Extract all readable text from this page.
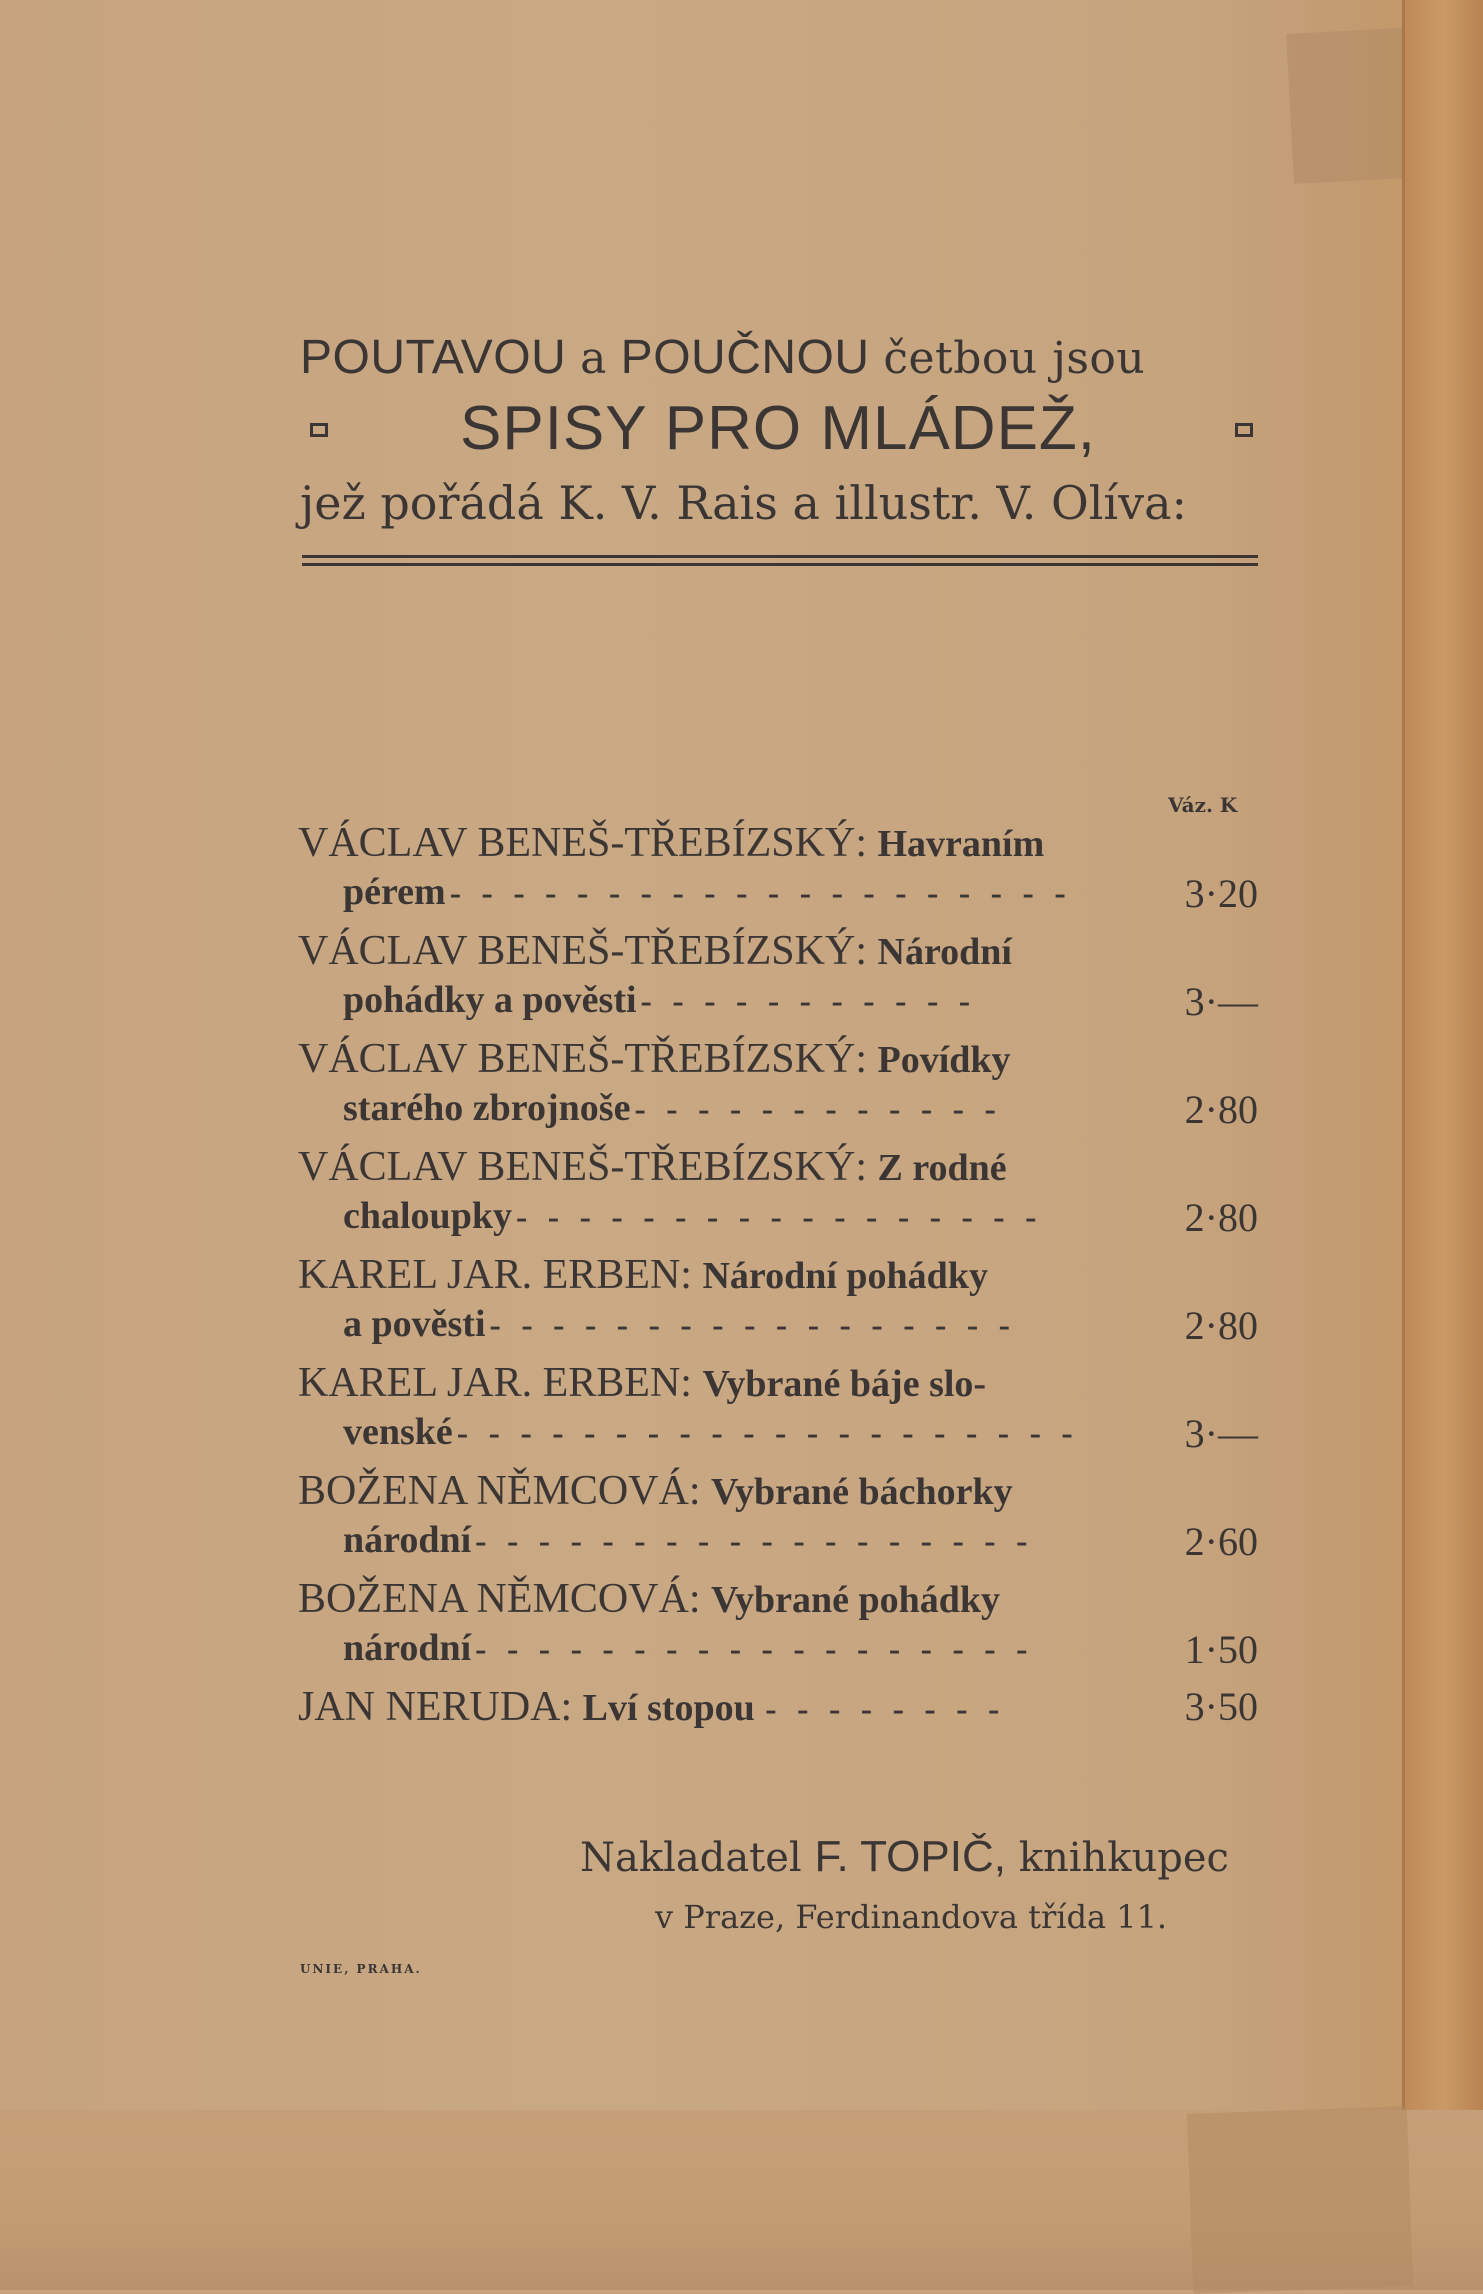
POUTAVOU a POUČNOU četbou jsou
SPISY PRO MLÁDEŽ,
jež pořádá K. V. Rais a illustr. V. Olíva:
Váz. K
VÁCLAV BENEŠ-TŘEBÍZSKÝ: Havraním
pérem - - - - - - - - - - - - - - - - - - - -	3·20
VÁCLAV BENEŠ-TŘEBÍZSKÝ: Národní
pohádky a pověsti - - - - - - - - - - -	3·—
VÁCLAV BENEŠ-TŘEBÍZSKÝ: Povídky
starého zbrojnoše - - - - - - - - - - - -	2·80
VÁCLAV BENEŠ-TŘEBÍZSKÝ: Z rodné
chaloupky - - - - - - - - - - - - - - - - -	2·80
KAREL JAR. ERBEN: Národní pohádky
a pověsti - - - - - - - - - - - - - - - - -	2·80
KAREL JAR. ERBEN: Vybrané báje slo-
venské - - - - - - - - - - - - - - - - - - - -	3·—
BOŽENA NĚMCOVÁ: Vybrané báchorky
národní - - - - - - - - - - - - - - - - - -	2·60
BOŽENA NĚMCOVÁ: Vybrané pohádky
národní - - - - - - - - - - - - - - - - - -	1·50
JAN NERUDA: Lví stopou - - - - - - - -	3·50
Nakladatel F. TOPIČ, knihkupec
v Praze, Ferdinandova třída 11.
UNIE, PRAHA.
